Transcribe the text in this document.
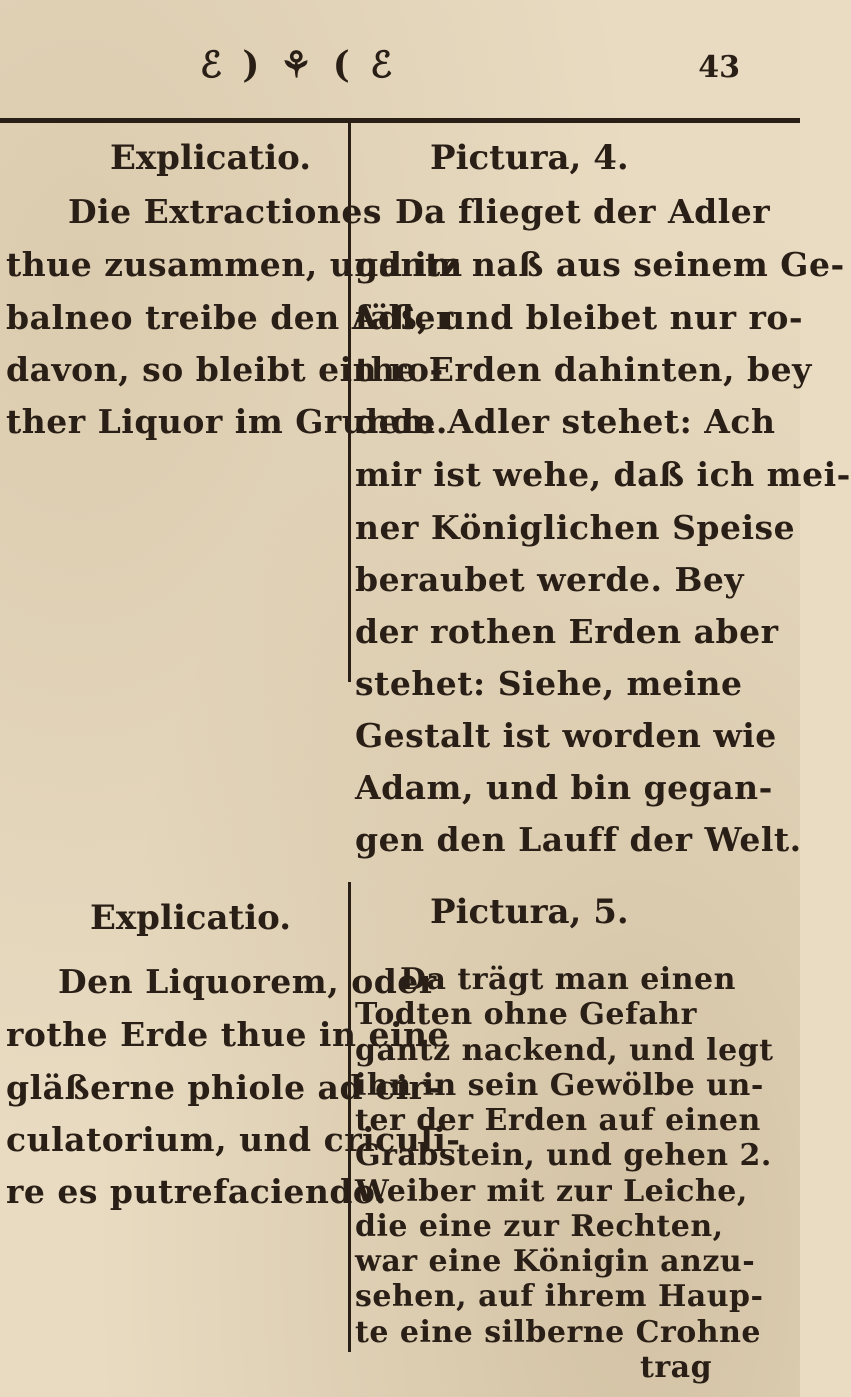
ℰ ) ⚘ ( ℰ	43
Explicatio.	Pictura, 4.
Die Extractiones
thue zusammen, und im
balneo treibe den Adler
davon, so bleibt ein ro-
ther Liquor im Grunde.
Da flieget der Adler
gantz naß aus seinem Ge-
fäß, und bleibet nur ro-
the Erden dahinten, bey
dem Adler stehet: Ach
mir ist wehe, daß ich mei-
ner Königlichen Speise
beraubet werde. Bey
der rothen Erden aber
stehet: Siehe, meine
Gestalt ist worden wie
Adam, und bin gegan-
gen den Lauff der Welt.
Explicatio.	Pictura, 5.
Den Liquorem, oder
rothe Erde thue in eine
gläßerne phiole ad cir-
culatorium, und criculi-
re es putrefaciendo.
Da trägt man einen
Todten ohne Gefahr
gantz nackend, und legt
ihn in sein Gewölbe un-
ter der Erden auf einen
Grabstein, und gehen 2.
Weiber mit zur Leiche,
die eine zur Rechten,
war eine Königin anzu-
sehen, auf ihrem Haup-
te eine silberne Crohne
trag
